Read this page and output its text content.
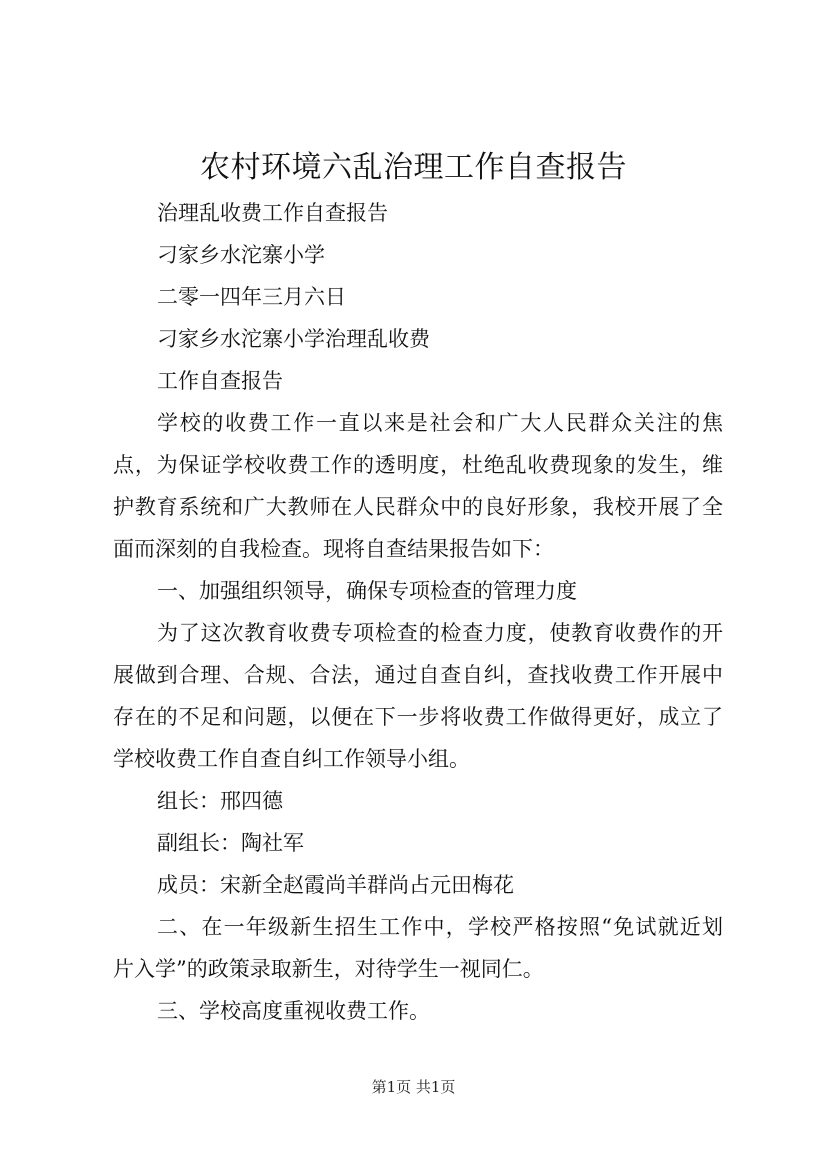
农村环境六乱治理工作自查报告

治理乱收费工作自查报告

刁家乡水沱寨小学

二零一四年三月六日

刁家乡水沱寨小学治理乱收费

工作自查报告

学校的收费工作一直以来是社会和广大人民群众关注的焦

点，为保证学校收费工作的透明度，杜绝乱收费现象的发生，维

护教育系统和广大教师在人民群众中的良好形象，我校开展了全

面而深刻的自我检查。现将自查结果报告如下：

一、加强组织领导，确保专项检查的管理力度

为了这次教育收费专项检查的检查力度，使教育收费作的开

展做到合理、合规、合法，通过自查自纠，查找收费工作开展中

存在的不足和问题，以便在下一步将收费工作做得更好，成立了

学校收费工作自查自纠工作领导小组。

组长：邢四德

副组长：陶社军

成员：宋新全赵霞尚羊群尚占元田梅花

二、在一年级新生招生工作中，学校严格按照“免试就近划

片入学”的政策录取新生，对待学生一视同仁。

三、学校高度重视收费工作。

第1页 共1页
